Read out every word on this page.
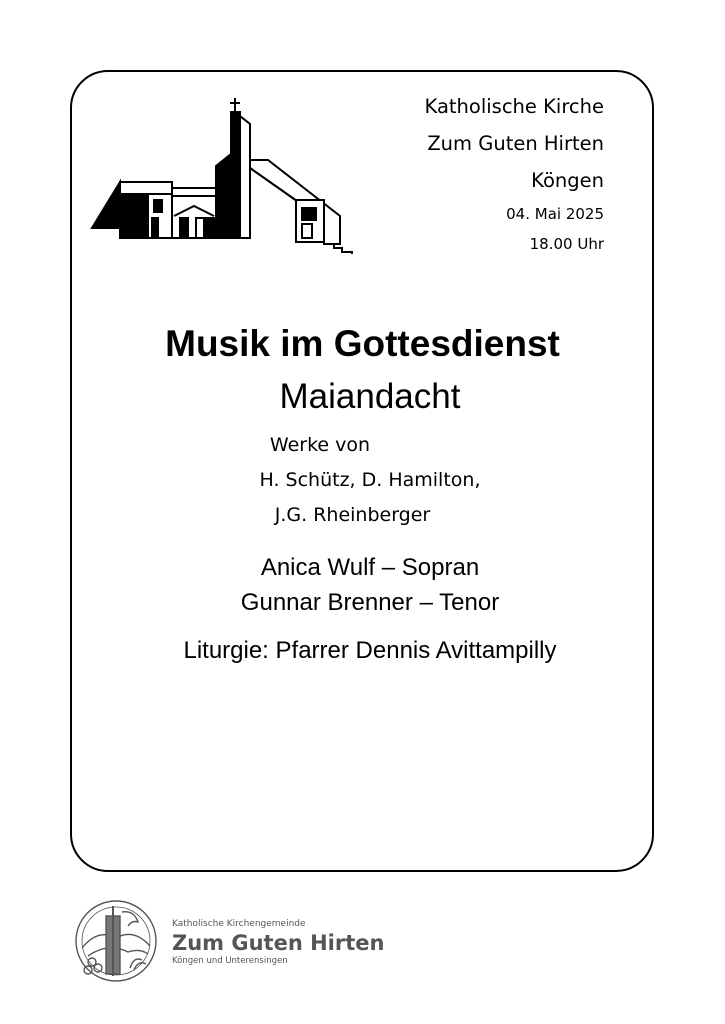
Katholische Kirche
Zum Guten Hirten
Köngen
04. Mai 2025
18.00 Uhr
Musik im Gottesdienst
Maiandacht
Werke von
H. Schütz, D. Hamilton,
J.G. Rheinberger
Anica Wulf – Sopran
Gunnar Brenner – Tenor
Liturgie: Pfarrer Dennis Avittampilly
Katholische Kirchengemeinde
Zum Guten Hirten
Köngen und Unterensingen
